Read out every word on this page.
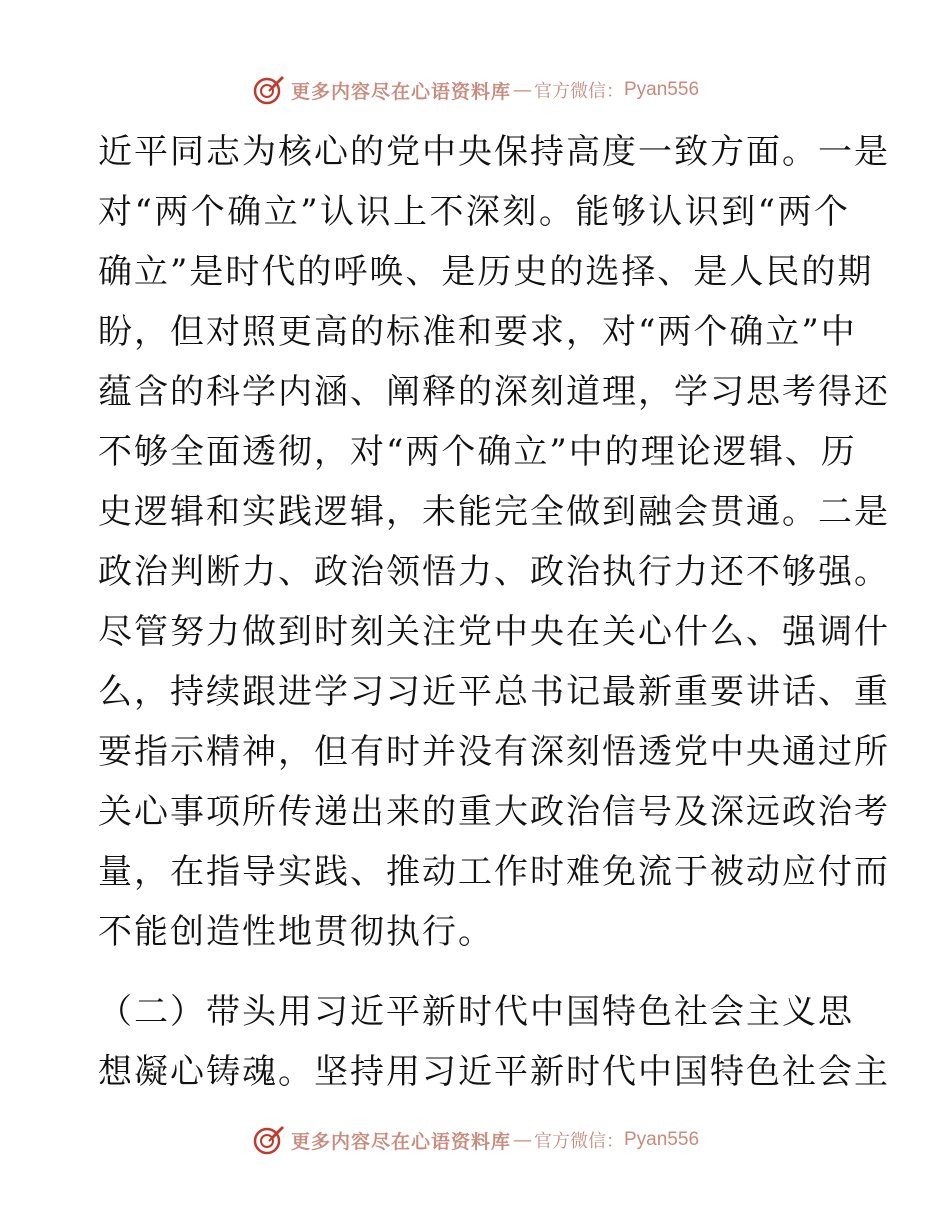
更多内容尽在心语资料库 — 官方微信： Pyan556
近平同志为核心的党中央保持高度一致方面。一是
对“两个确立”认识上不深刻。能够认识到“两个
确立”是时代的呼唤、是历史的选择、是人民的期
盼，但对照更高的标准和要求，对“两个确立”中
蕴含的科学内涵、阐释的深刻道理，学习思考得还
不够全面透彻，对“两个确立”中的理论逻辑、历
史逻辑和实践逻辑，未能完全做到融会贯通。二是
政治判断力、政治领悟力、政治执行力还不够强。
尽管努力做到时刻关注党中央在关心什么、强调什
么，持续跟进学习习近平总书记最新重要讲话、重
要指示精神，但有时并没有深刻悟透党中央通过所
关心事项所传递出来的重大政治信号及深远政治考
量，在指导实践、推动工作时难免流于被动应付而
不能创造性地贯彻执行。
（二）带头用习近平新时代中国特色社会主义思
想凝心铸魂。坚持用习近平新时代中国特色社会主
更多内容尽在心语资料库 — 官方微信： Pyan556
